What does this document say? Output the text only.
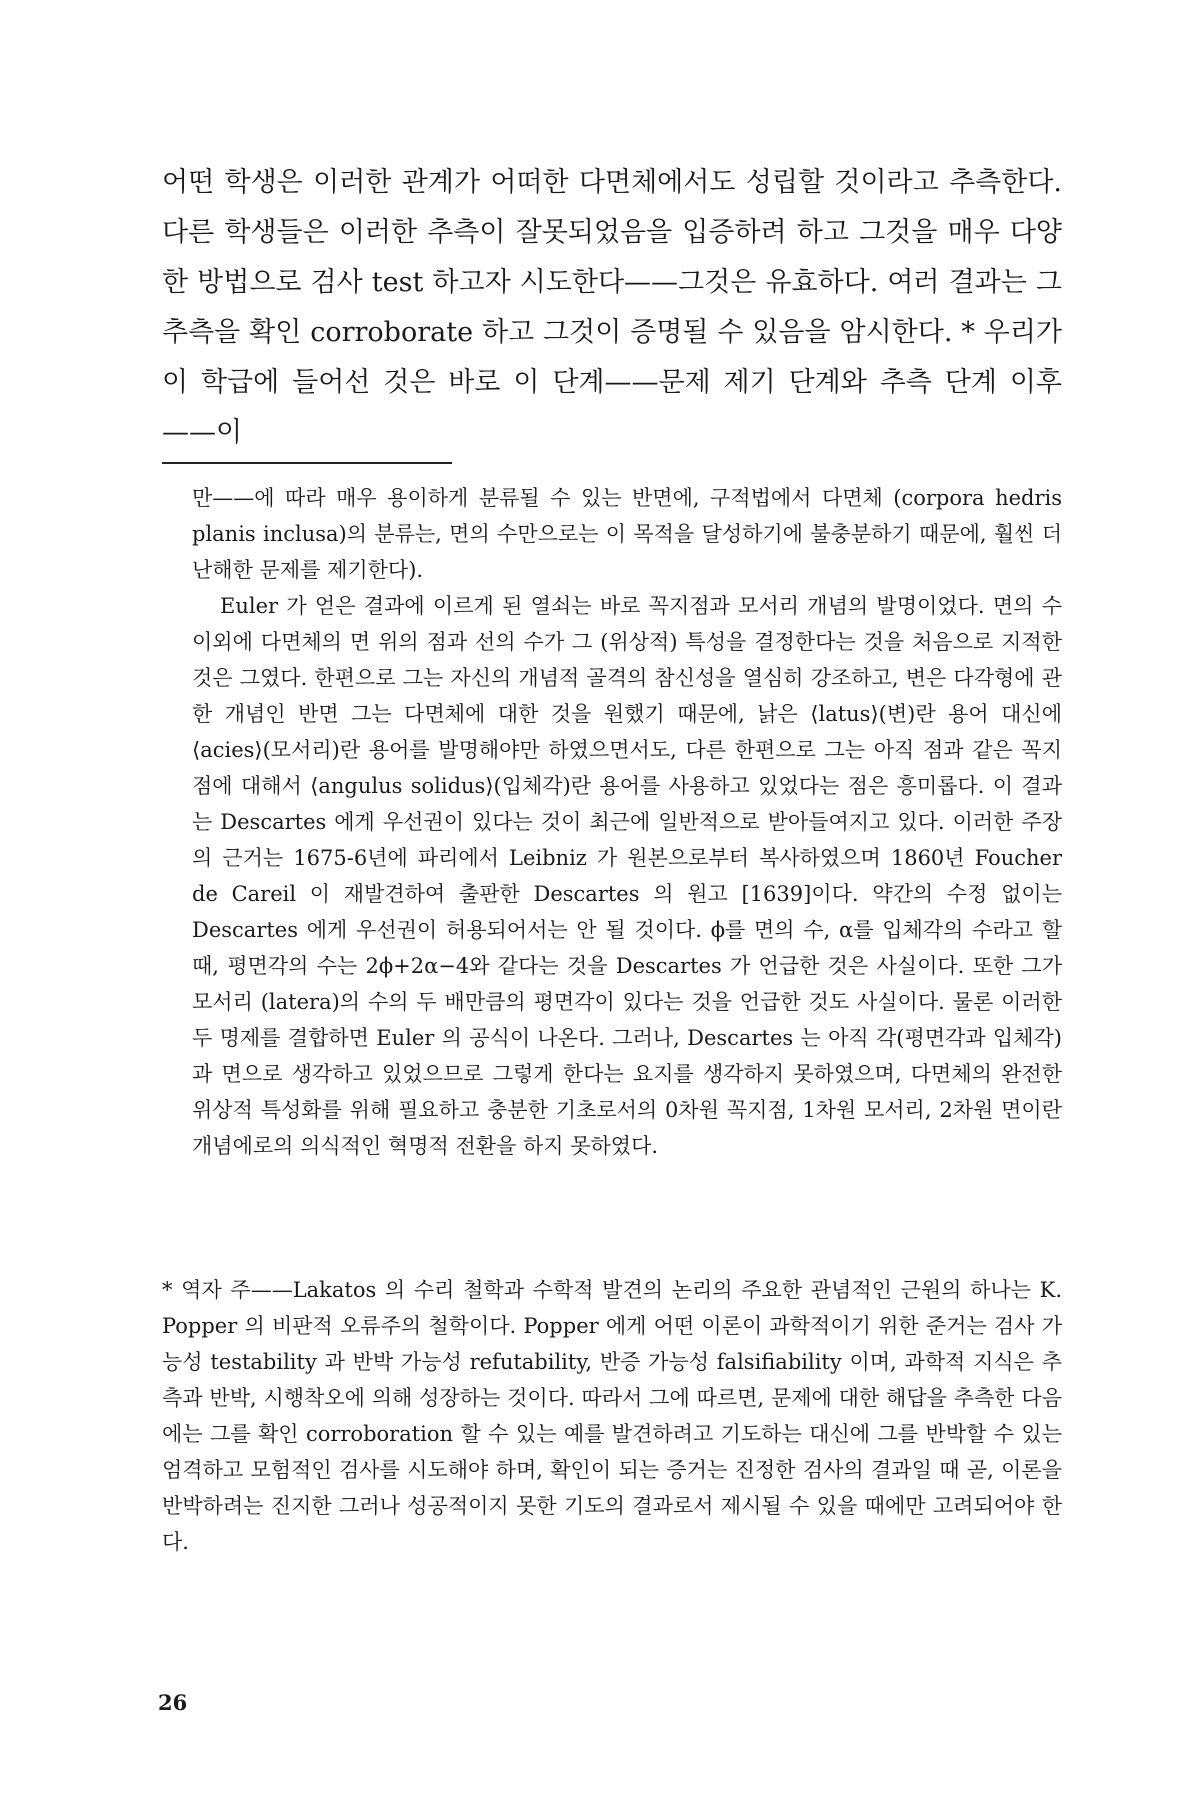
어떤 학생은 이러한 관계가 어떠한 다면체에서도 성립할 것이라고 추측한다. 다른 학생들은 이러한 추측이 잘못되었음을 입증하려 하고 그것을 매우 다양한 방법으로 검사 test 하고자 시도한다——그것은 유효하다. 여러 결과는 그 추측을 확인 corroborate 하고 그것이 증명될 수 있음을 암시한다. * 우리가 이 학급에 들어선 것은 바로 이 단계——문제 제기 단계와 추측 단계 이후——이

만——에 따라 매우 용이하게 분류될 수 있는 반면에, 구적법에서 다면체 (corpora hedris planis inclusa)의 분류는, 면의 수만으로는 이 목적을 달성하기에 불충분하기 때문에, 훨씬 더 난해한 문제를 제기한다).

Euler 가 얻은 결과에 이르게 된 열쇠는 바로 꼭지점과 모서리 개념의 발명이었다. 면의 수 이외에 다면체의 면 위의 점과 선의 수가 그 (위상적) 특성을 결정한다는 것을 처음으로 지적한 것은 그였다. 한편으로 그는 자신의 개념적 골격의 참신성을 열심히 강조하고, 변은 다각형에 관한 개념인 반면 그는 다면체에 대한 것을 원했기 때문에, 낡은 ⟨latus⟩(변)란 용어 대신에 ⟨acies⟩(모서리)란 용어를 발명해야만 하였으면서도, 다른 한편으로 그는 아직 점과 같은 꼭지점에 대해서 ⟨angulus solidus⟩(입체각)란 용어를 사용하고 있었다는 점은 흥미롭다. 이 결과는 Descartes 에게 우선권이 있다는 것이 최근에 일반적으로 받아들여지고 있다. 이러한 주장의 근거는 1675-6년에 파리에서 Leibniz 가 원본으로부터 복사하였으며 1860년 Foucher de Careil 이 재발견하여 출판한 Descartes 의 원고 [1639]이다. 약간의 수정 없이는 Descartes 에게 우선권이 허용되어서는 안 될 것이다. ϕ를 면의 수, α를 입체각의 수라고 할 때, 평면각의 수는 2ϕ+2α−4와 같다는 것을 Descartes 가 언급한 것은 사실이다. 또한 그가 모서리 (latera)의 수의 두 배만큼의 평면각이 있다는 것을 언급한 것도 사실이다. 물론 이러한 두 명제를 결합하면 Euler 의 공식이 나온다. 그러나, Descartes 는 아직 각(평면각과 입체각)과 면으로 생각하고 있었으므로 그렇게 한다는 요지를 생각하지 못하였으며, 다면체의 완전한 위상적 특성화를 위해 필요하고 충분한 기초로서의 0차원 꼭지점, 1차원 모서리, 2차원 면이란 개념에로의 의식적인 혁명적 전환을 하지 못하였다.

* 역자 주——Lakatos 의 수리 철학과 수학적 발견의 논리의 주요한 관념적인 근원의 하나는 K. Popper 의 비판적 오류주의 철학이다. Popper 에게 어떤 이론이 과학적이기 위한 준거는 검사 가능성 testability 과 반박 가능성 refutability, 반증 가능성 falsifiability 이며, 과학적 지식은 추측과 반박, 시행착오에 의해 성장하는 것이다. 따라서 그에 따르면, 문제에 대한 해답을 추측한 다음에는 그를 확인 corroboration 할 수 있는 예를 발견하려고 기도하는 대신에 그를 반박할 수 있는 엄격하고 모험적인 검사를 시도해야 하며, 확인이 되는 증거는 진정한 검사의 결과일 때 곧, 이론을 반박하려는 진지한 그러나 성공적이지 못한 기도의 결과로서 제시될 수 있을 때에만 고려되어야 한다.

26
